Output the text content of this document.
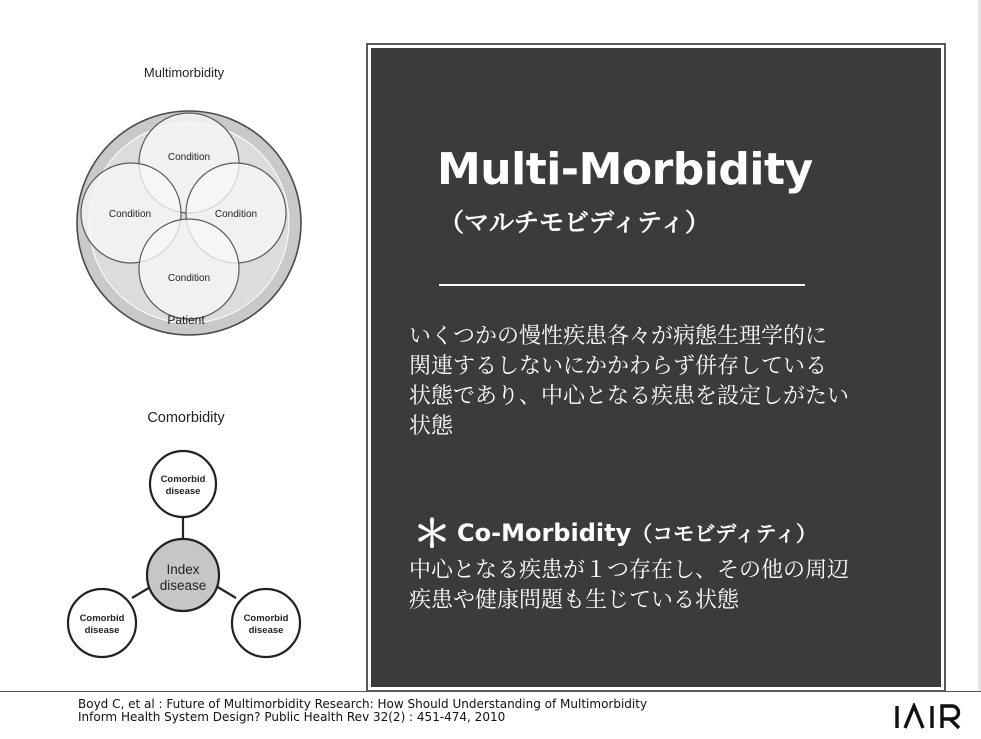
Multimorbidity
Condition
Condition	Condition
Condition
Patient
Comorbidity
Comorbid
disease
Comorbid
disease
Comorbid
disease
Index
disease
Multi-Morbidity
（マルチモビディティ）
いくつかの慢性疾患各々が病態生理学的に
関連するしないにかかわらず併存している
状態であり、中心となる疾患を設定しがたい
状態
＊ Co-Morbidity（コモビディティ）
中心となる疾患が１つ存在し、その他の周辺
疾患や健康問題も生じている状態
Boyd C, et al : Future of Multimorbidity Research: How Should Understanding of Multimorbidity
Inform Health System Design? Public Health Rev 32(2) : 451-474, 2010
